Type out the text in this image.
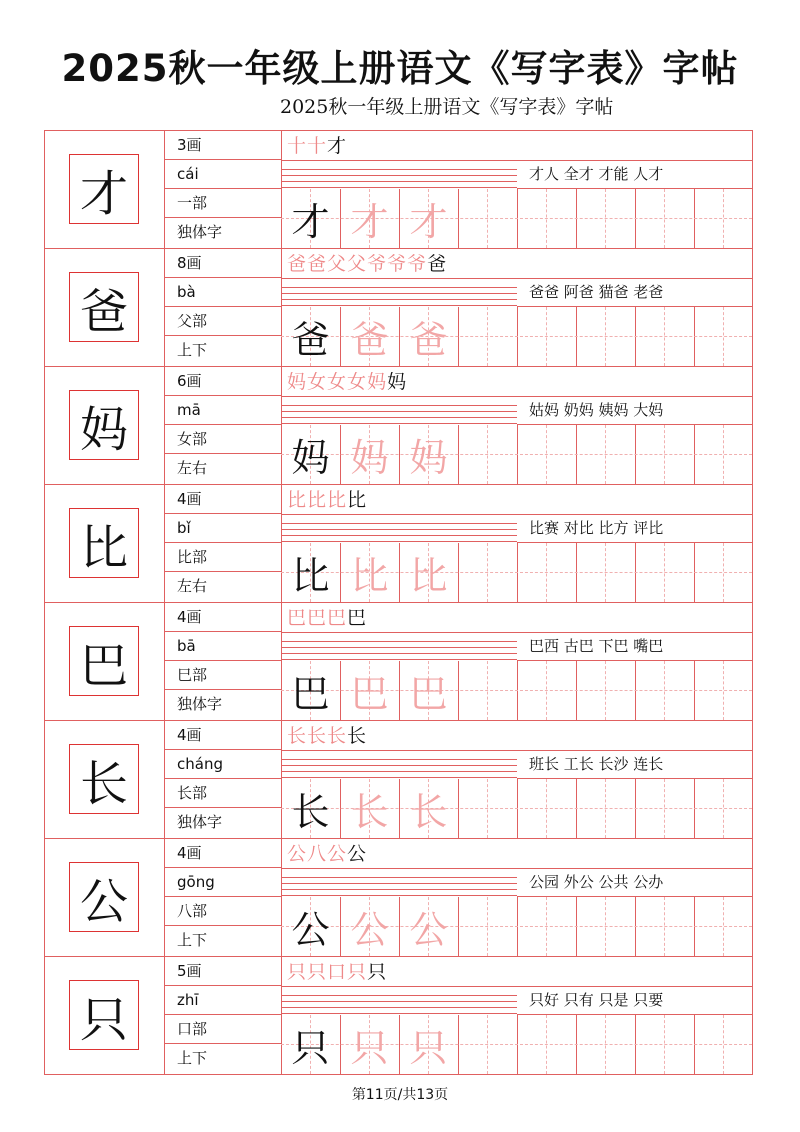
2025秋一年级上册语文《写字表》字帖
2025秋一年级上册语文《写字表》字帖
才
3画
cái
一部
独体字
十十才
才人 全才 才能 人才
才 才 才
爸
8画
bà
父部
上下
爸爸父父爷爷爷爸
爸爸 阿爸 猫爸 老爸
爸 爸 爸
妈
6画
mā
女部
左右
妈女女女妈妈
姑妈 奶妈 姨妈 大妈
妈 妈 妈
比
4画
bǐ
比部
左右
比比比比
比赛 对比 比方 评比
比 比 比
巴
4画
bā
巳部
独体字
巴巴巴巴
巴西 古巴 下巴 嘴巴
巴 巴 巴
长
4画
cháng
长部
独体字
长长长长
班长 工长 长沙 连长
长 长 长
公
4画
gōng
八部
上下
公八公公
公园 外公 公共 公办
公 公 公
只
5画
zhī
口部
上下
只只口只只
只好 只有 只是 只要
只 只 只
第11页/共13页
